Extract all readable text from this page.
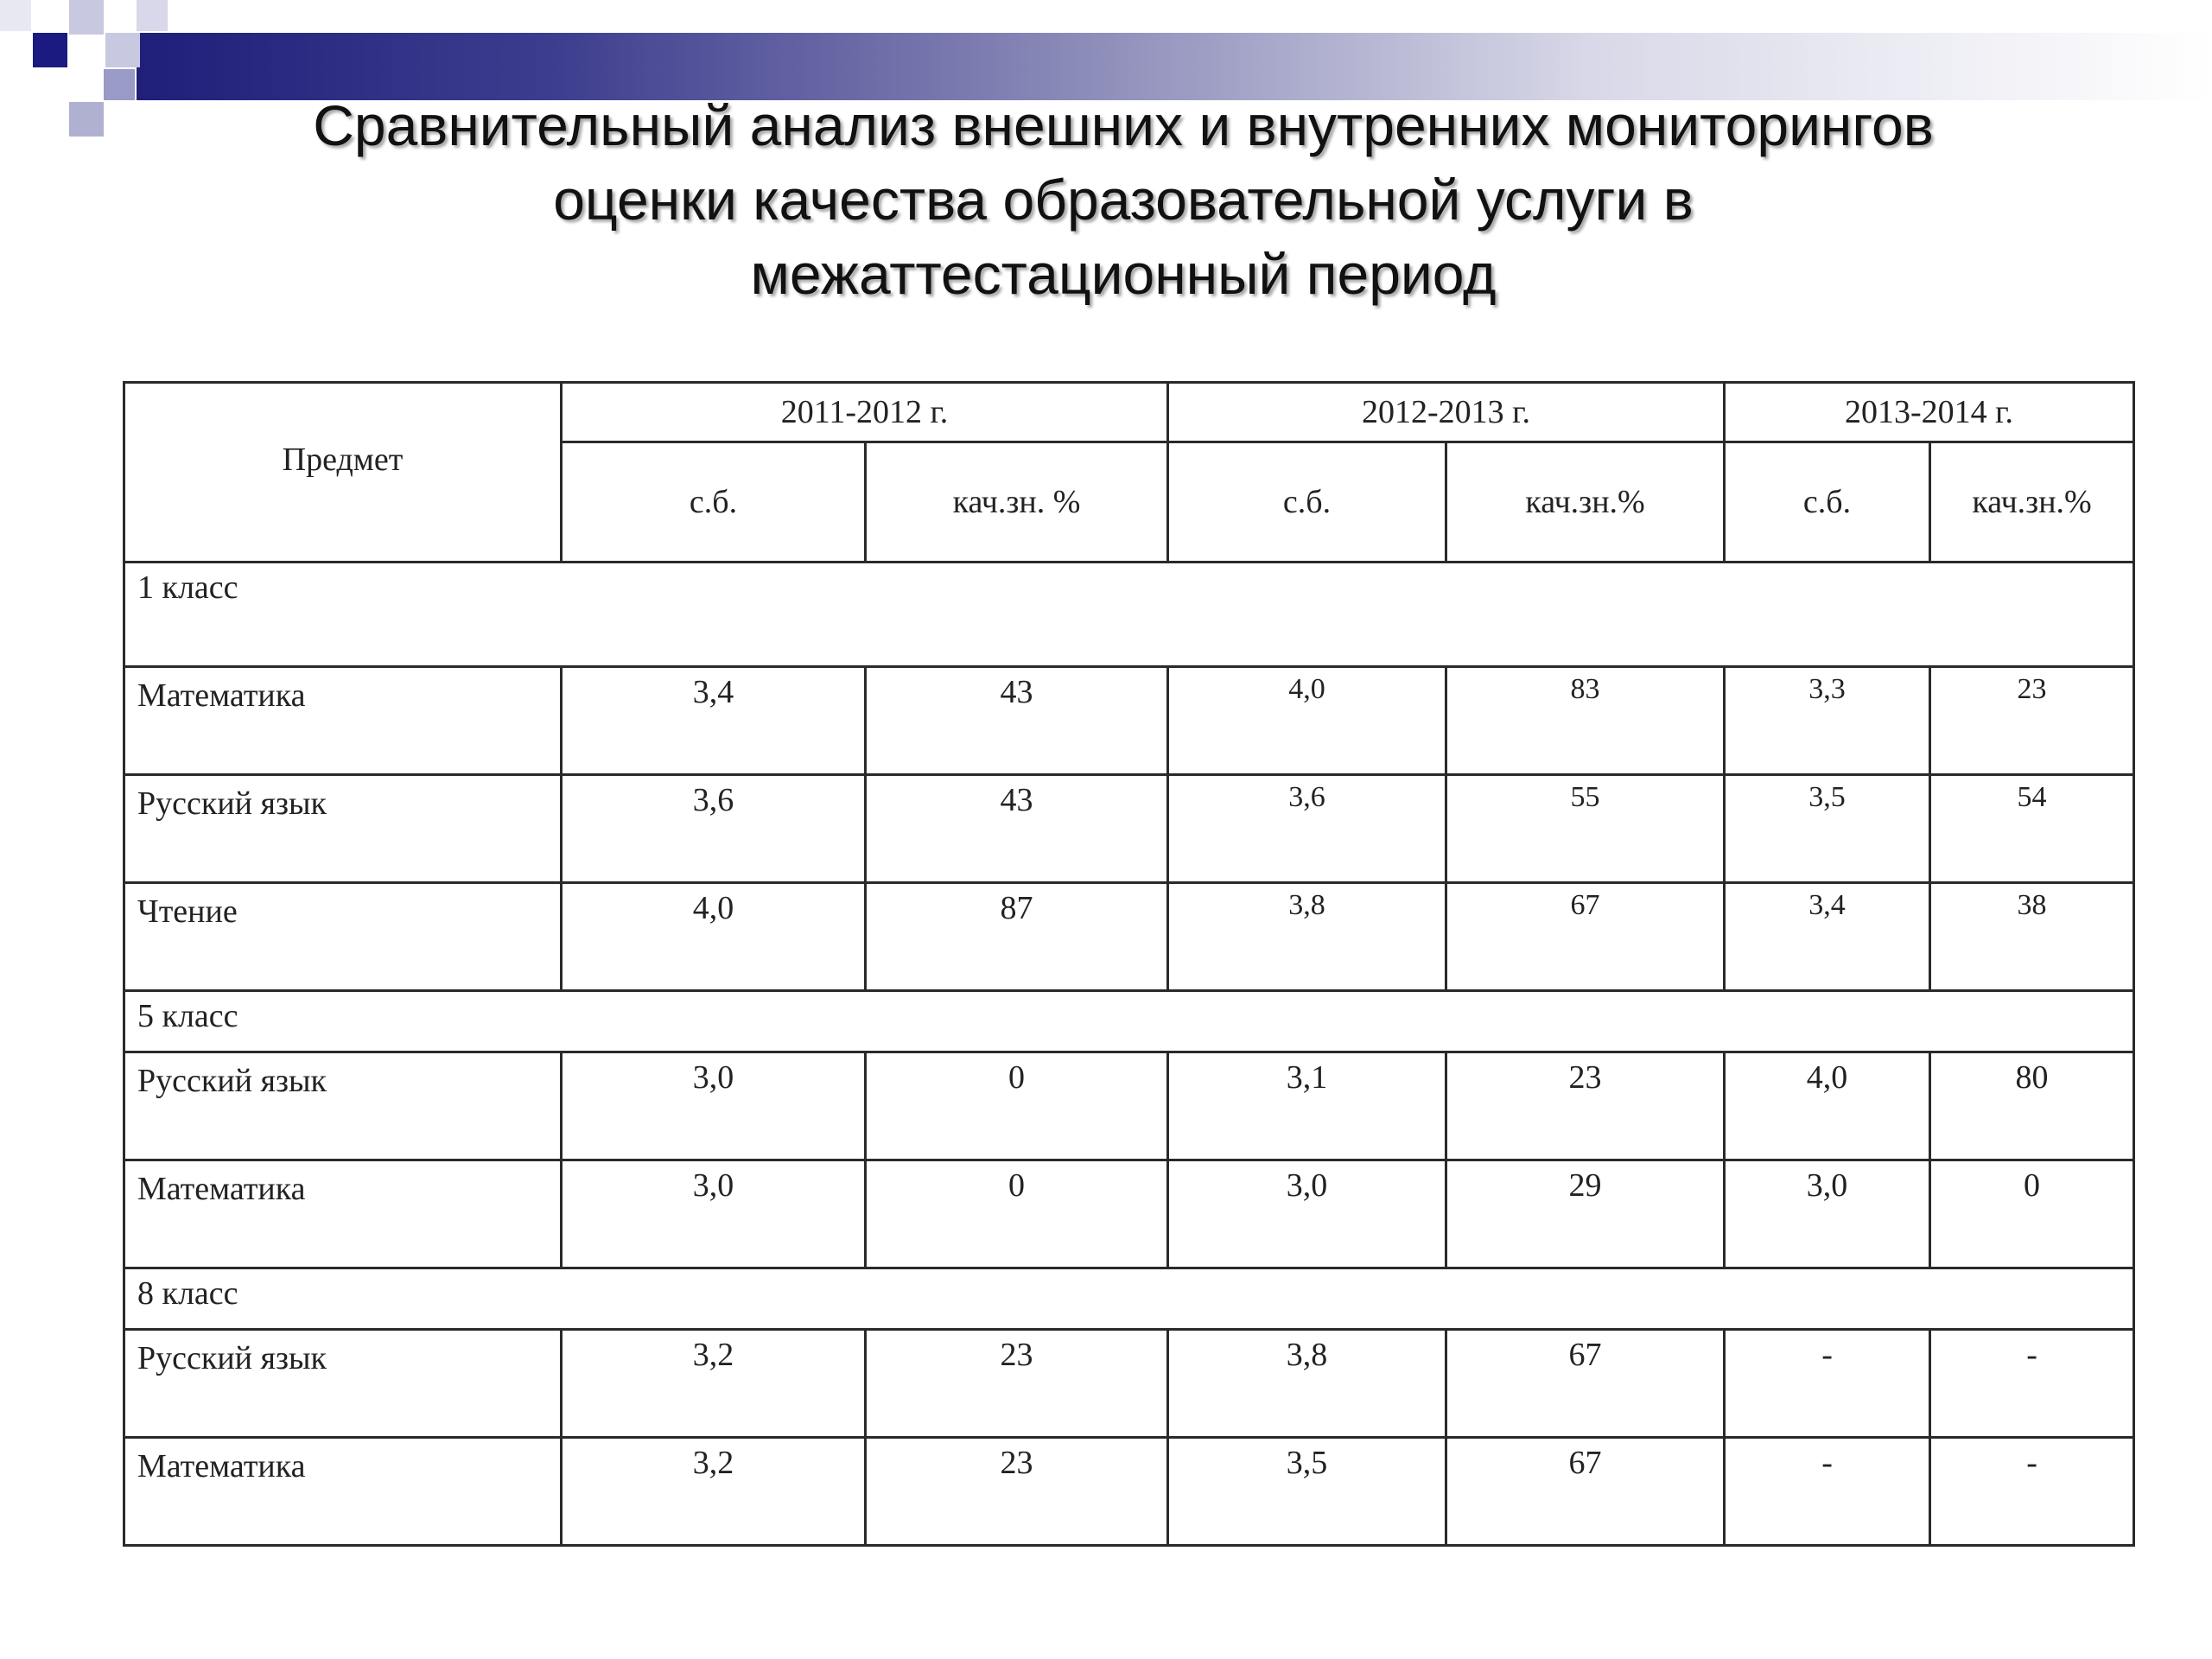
Сравнительный анализ внешних и внутренних мониторингов
оценки качества образовательной услуги в
межаттестационный период
Предмет	2011-2012 г.		2012-2013 г.		2013-2014 г.	
	с.б.	кач.зн. %	с.б.	кач.зн.%	с.б.	кач.зн.%
1 класс						
Математика	3,4	43	4,0	83	3,3	23
Русский язык	3,6	43	3,6	55	3,5	54
Чтение	4,0	87	3,8	67	3,4	38
5 класс						
Русский язык	3,0	0	3,1	23	4,0	80
Математика	3,0	0	3,0	29	3,0	0
8 класс						
Русский язык	3,2	23	3,8	67	-	-
Математика	3,2	23	3,5	67	-	-
